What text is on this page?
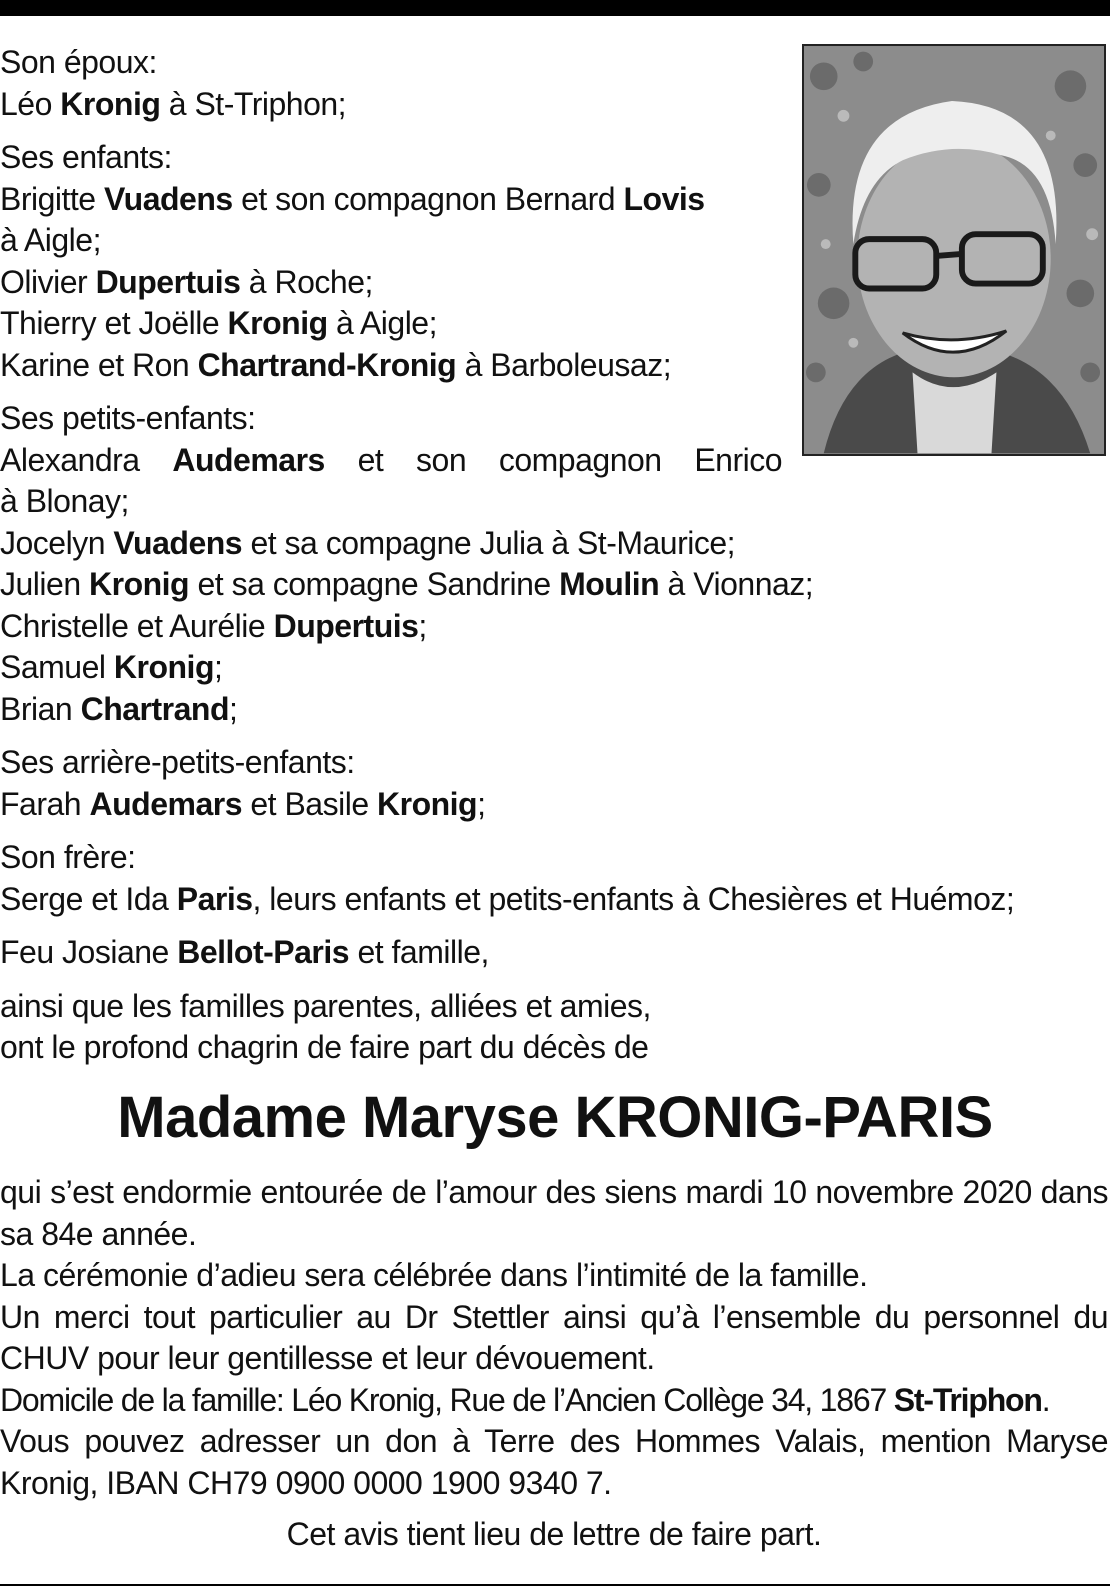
Son époux:

Léo Kronig à St-Triphon;

Ses enfants:

Brigitte Vuadens et son compagnon Bernard Lovis
à Aigle;

Olivier Dupertuis à Roche;

Thierry et Joëlle Kronig à Aigle;

Karine et Ron Chartrand-Kronig à Barboleusaz;

Ses petits-enfants:

Alexandra Audemars et son compagnon Enrico

à Blonay;

Jocelyn Vuadens et sa compagne Julia à St-Maurice;

Julien Kronig et sa compagne Sandrine Moulin à Vionnaz;

Christelle et Aurélie Dupertuis;

Samuel Kronig;

Brian Chartrand;

Ses arrière-petits-enfants:

Farah Audemars et Basile Kronig;

Son frère:

Serge et Ida Paris, leurs enfants et petits-enfants à Chesières et Huémoz;

Feu Josiane Bellot-Paris et famille,

ainsi que les familles parentes, alliées et amies,

ont le profond chagrin de faire part du décès de

Madame Maryse KRONIG-PARIS

qui s’est endormie entourée de l’amour des siens mardi 10 novembre 2020 dans sa 84e année.

La cérémonie d’adieu sera célébrée dans l’intimité de la famille.

Un merci tout particulier au Dr Stettler ainsi qu’à l’ensemble du personnel du CHUV pour leur gentillesse et leur dévouement.

Domicile de la famille: Léo Kronig, Rue de l’Ancien Collège 34, 1867 St-Triphon.

Vous pouvez adresser un don à Terre des Hommes Valais, mention Maryse Kronig, IBAN CH79 0900 0000 1900 9340 7.

Cet avis tient lieu de lettre de faire part.
